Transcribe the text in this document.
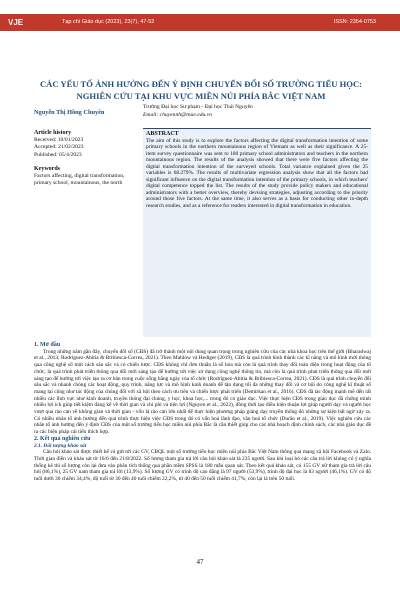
VJE	Tạp chí Giáo dục (2023), 23(7), 47-52	ISSN: 2354-0753
CÁC YẾU TỐ ẢNH HƯỞNG ĐẾN Ý ĐỊNH CHUYỂN ĐỔI SỐ TRƯỜNG TIỂU HỌC:
NGHIÊN CỨU TẠI KHU VỰC MIỀN NÚI PHÍA BẮC VIỆT NAM
Nguyễn Thị Hồng Chuyên
Trường Đại học Sư phạm - Đại học Thái Nguyên
Email: chuyennh@tnue.edu.vn
Article history
Received: 10/01/2023
Accepted: 21/02/2023
Published: 05/4/2023
Keywords
Factors affecting, digital transformation, primary school, mountainous, the north
ABSTRACT
The aim of this study is to explore the factors affecting the digital transformation intention of some primary schools in the northern mountainous region of Vietnam as well as their significance. A 25-item survey questionnaire was sent to 180 primary school administrators and teachers in the northern mountainous region. The results of the analysis showed that there were five factors affecting the digital transformation intention of the surveyed schools. Total variance explained given the 25 variables is 68.279%. The results of multivariate regression analysis show that all the factors had significant influence on the digital transformation intention of the primary schools, in which teachers' digital competence topped the list. The results of the study provide policy makers and educational administrators with a better overview, thereby devising strategies, adjusting according to the priority around those five factors. At the same time, it also serves as a basis for conducting other in-depth research studies, and as a reference for readers interested in digital transformation in education.
1. Mở đầu

Trong những năm gần đây, chuyển đổi số (CĐS) đã trở thành một nội dung quan trọng trong nghiên cứu của các nhà khoa học trên thế giới (Bharadwaj et al., 2013; Rodríguez-Abitia & Bribiesca-Correa, 2021). Theo Mahlow và Hediger (2019), CĐS là quá trình hình thành các kĩ năng và mô hình mới thông qua công nghệ số một cách sâu sắc và có chiến lược. CĐS không chỉ đơn thuần là số hóa mà còn là quá trình thay đổi toàn diện trong hoạt động của tổ chức, là quá trình phát triển thông qua đổi mới sáng tạo để hướng tới việc sử dụng công nghệ thông tin, mà còn là quá trình phát triển thông qua đổi mới sáng tạo để hướng tới việc tạo ra cơ bản trong cuộc sống hằng ngày của tổ chức (Rodríguez-Abitia & Bribiesca-Correa, 2021). CĐS là quá trình chuyển đổi sâu sắc và nhanh chóng các hoạt động, quy trình, năng lực và mô hình kinh doanh để tận dụng tối đa những thay đổi và cơ hội do công nghệ kĩ thuật số mang lại cũng như tác động của chúng đối với xã hội theo cách ưu tiên và chiến lược phát triển (Demirkan et al., 2016). CĐS đã tác động mạnh mẽ đến rất nhiều các lĩnh vực như kinh doanh, truyền thông đại chúng, y học, khoa học,... trong đó có giáo dục. Việc thực hiện CĐS trong giáo dục đã chứng minh nhiều lợi ích giúp tiết kiệm đáng kể về thời gian và chi phí và tiện lợi (Nguyen et al., 2022), đồng thời tạo điều kiện thuận lợi giúp người dạy và người học vượt qua rào cản về không gian và thời gian - vốn là rào cản lớn nhất để thực hiện phương pháp giảng dạy truyền thống đó những sự kiện bất ngờ xảy ra. Có nhiều nhân tố ảnh hưởng đến quá trình thực hiện việc CĐS trong đó có vấn hoá lãnh đạo, văn hoá tổ chức (Durão et al., 2019). Việc nghiên cứu các nhân tố ảnh hưởng đến ý định CĐS của một số trường tiểu học miền núi phía Bắc là cần thiết giúp cho các nhà hoạch định chính sách, các nhà giáo dục đề ra các biện pháp cải tiến thích hợp.

2. Kết quả nghiên cứu
2.1. Đối tượng khảo sát

Câu hỏi khảo sát được thiết kế và gửi tới các GV, CBQL một số trường tiểu học miền núi phía Bắc Việt Nam thông qua mạng xã hội Facebook và Zalo. Thời gian điền và khảo sát từ 16/6 đến 21/8/2022. Số lượng tham gia trả lời câu hỏi khảo sát là 235 người. Sau khi loại bỏ các câu trả lời không có ý nghĩa thống kê thì số lượng còn lại đưa vào phân tích thống qua phần mềm SPSS là 180 mẫu quan sát. Theo kết quả khảo sát, có 155 GV nữ tham gia trả lời câu hỏi (86,1%), 25 GV nam tham gia trả lời (13,9%). Số lượng GV có trình độ cao đẳng là 97 người (53,9%), trình độ đại học là 83 người (46,1%). GV có độ tuổi dưới 30 chiếm 34,4%, độ tuổi từ 30 đến 40 tuổi chiếm 22,2%, từ 40 đến 50 tuổi chiếm 41,7%, còn lại là trên 50 tuổi.

47
